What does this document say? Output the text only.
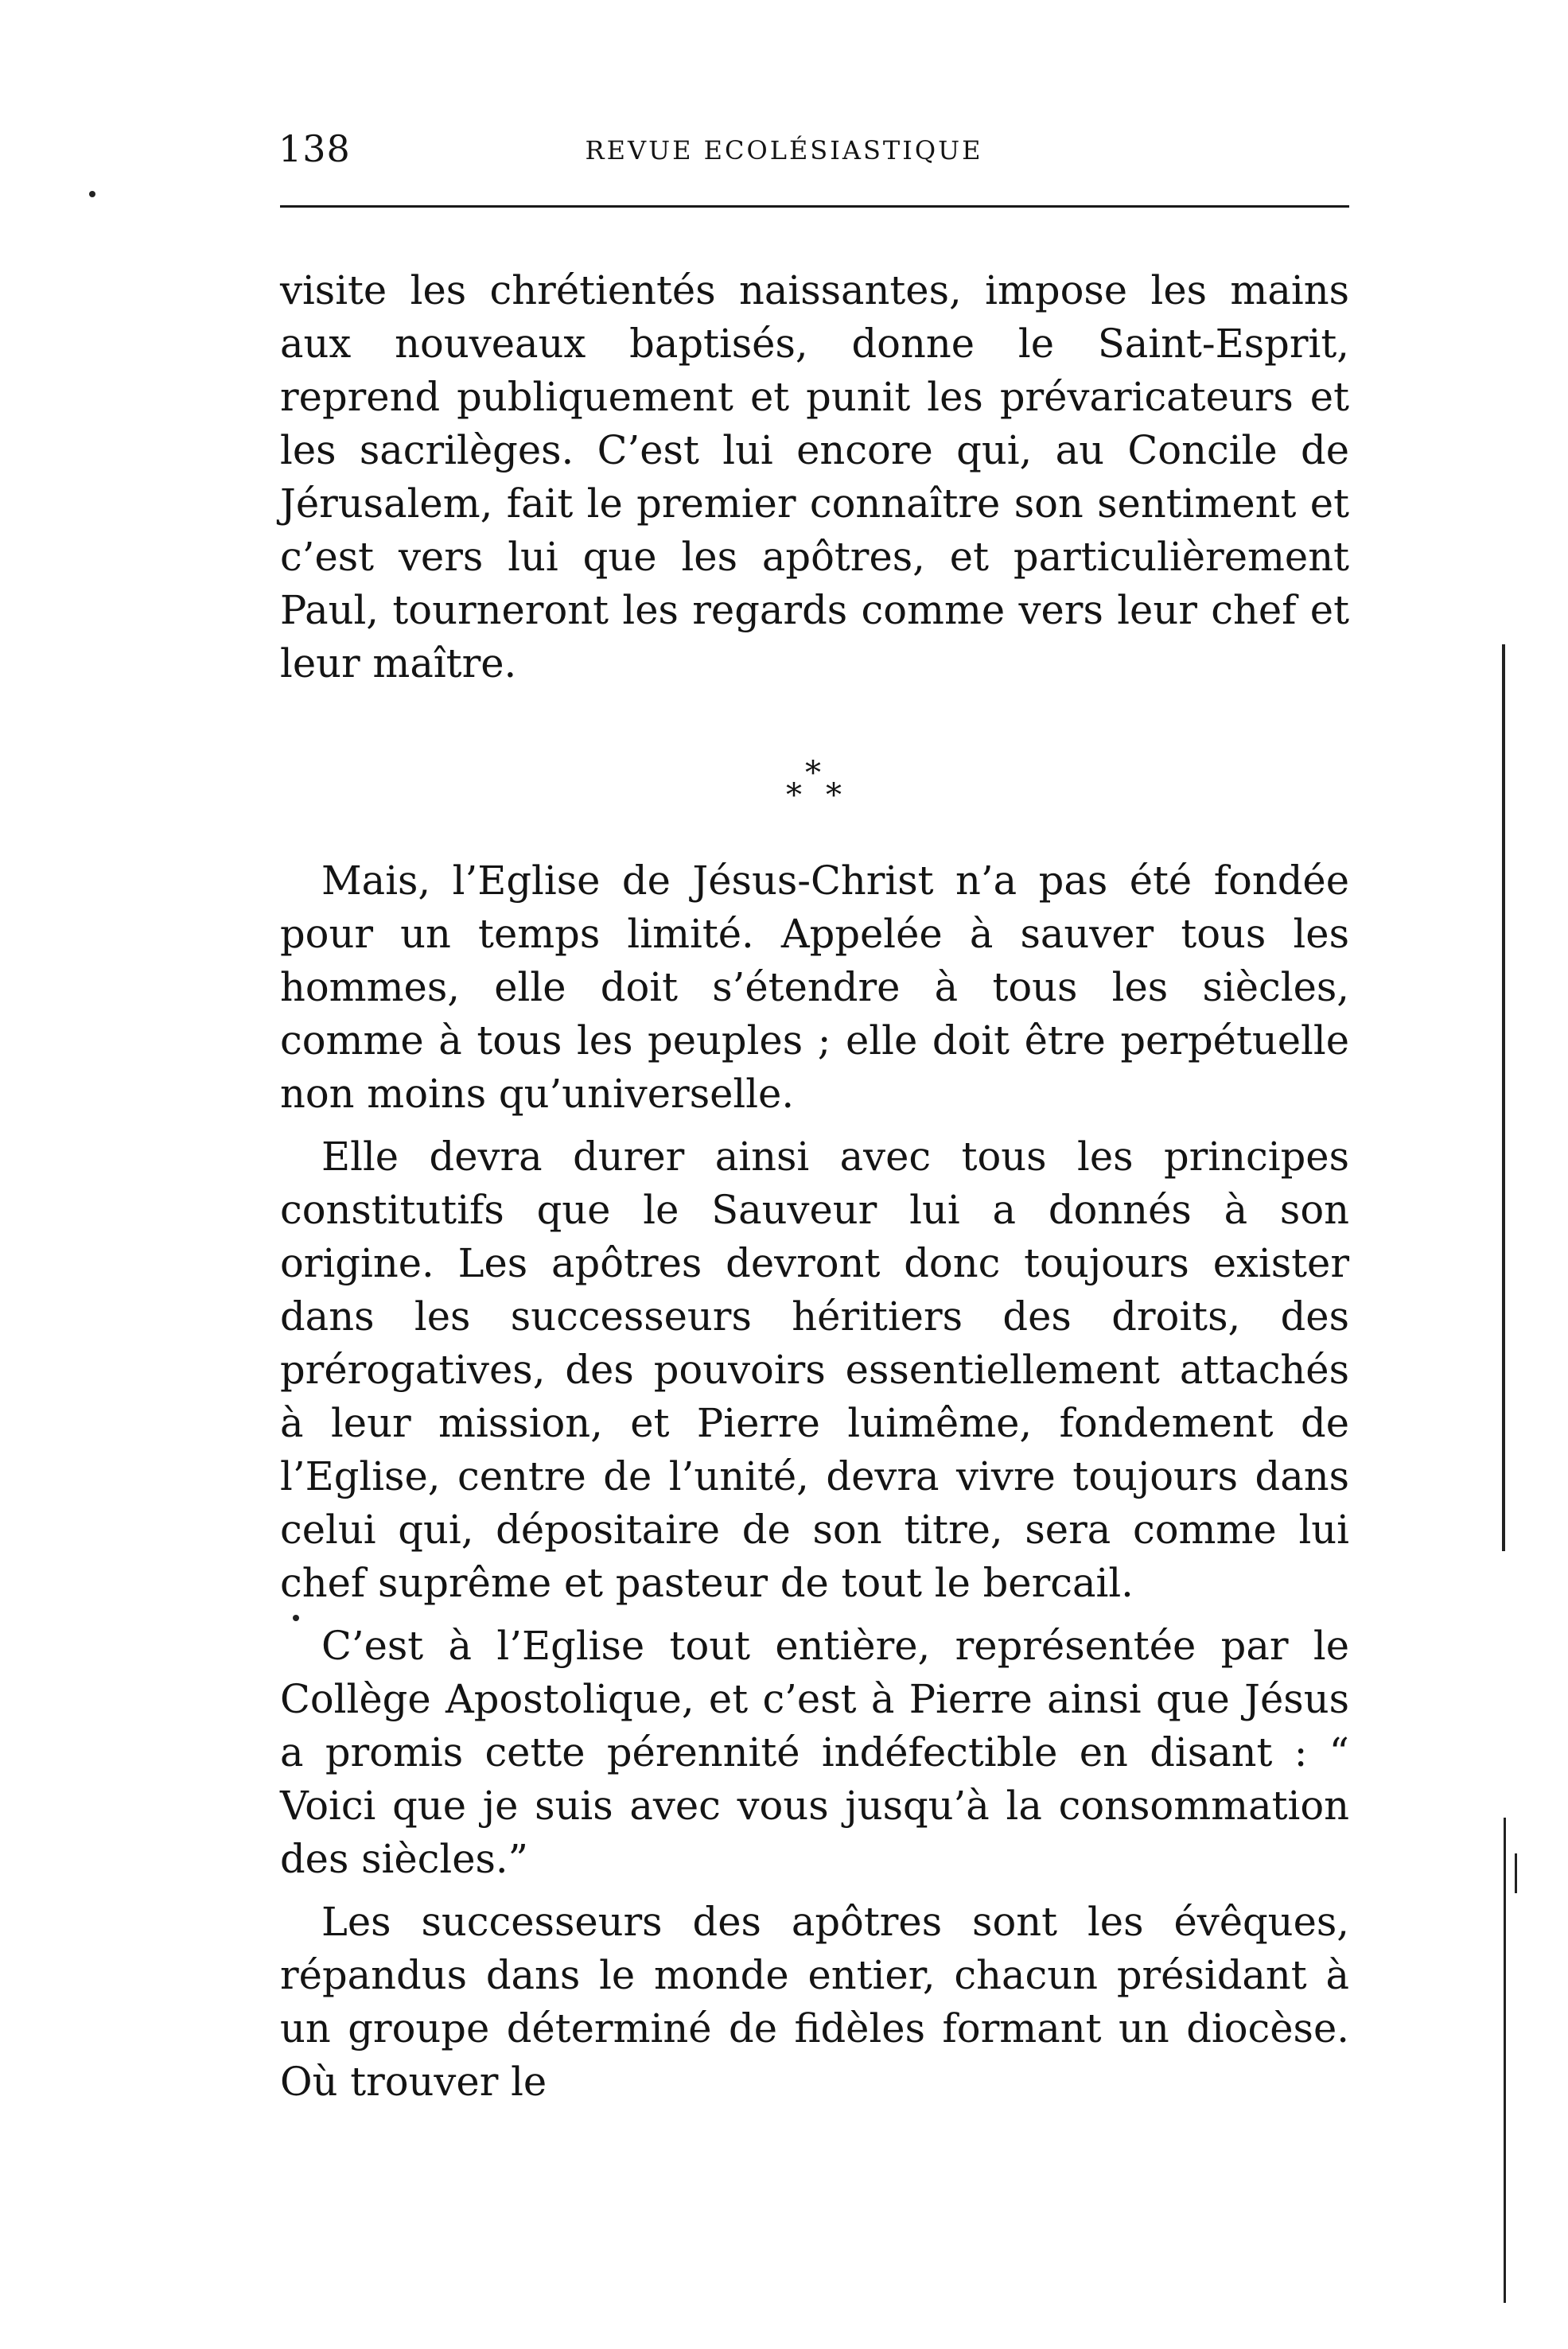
138	REVUE ECOLÉSIASTIQUE

visite les chrétientés naissantes, impose les mains aux nouveaux baptisés, donne le Saint-Esprit, reprend publiquement et punit les prévaricateurs et les sacrilèges. C’est lui encore qui, au Concile de Jérusalem, fait le premier connaître son sentiment et c’est vers lui que les apôtres, et particulièrement Paul, tourneront les regards comme vers leur chef et leur maître.

*
* *

Mais, l’Eglise de Jésus-Christ n’a pas été fondée pour un temps limité. Appelée à sauver tous les hommes, elle doit s’étendre à tous les siècles, comme à tous les peuples ; elle doit être perpétuelle non moins qu’universelle.

Elle devra durer ainsi avec tous les principes constitutifs que le Sauveur lui a donnés à son origine. Les apôtres devront donc toujours exister dans les successeurs héritiers des droits, des prérogatives, des pouvoirs essentiellement attachés à leur mission, et Pierre luimême, fondement de l’Eglise, centre de l’unité, devra vivre toujours dans celui qui, dépositaire de son titre, sera comme lui chef suprême et pasteur de tout le bercail.

C’est à l’Eglise tout entière, représentée par le Collège Apostolique, et c’est à Pierre ainsi que Jésus a promis cette pérennité indéfectible en disant : “ Voici que je suis avec vous jusqu’à la consommation des siècles.”

Les successeurs des apôtres sont les évêques, répandus dans le monde entier, chacun présidant à un groupe déterminé de fidèles formant un diocèse. Où trouver le
